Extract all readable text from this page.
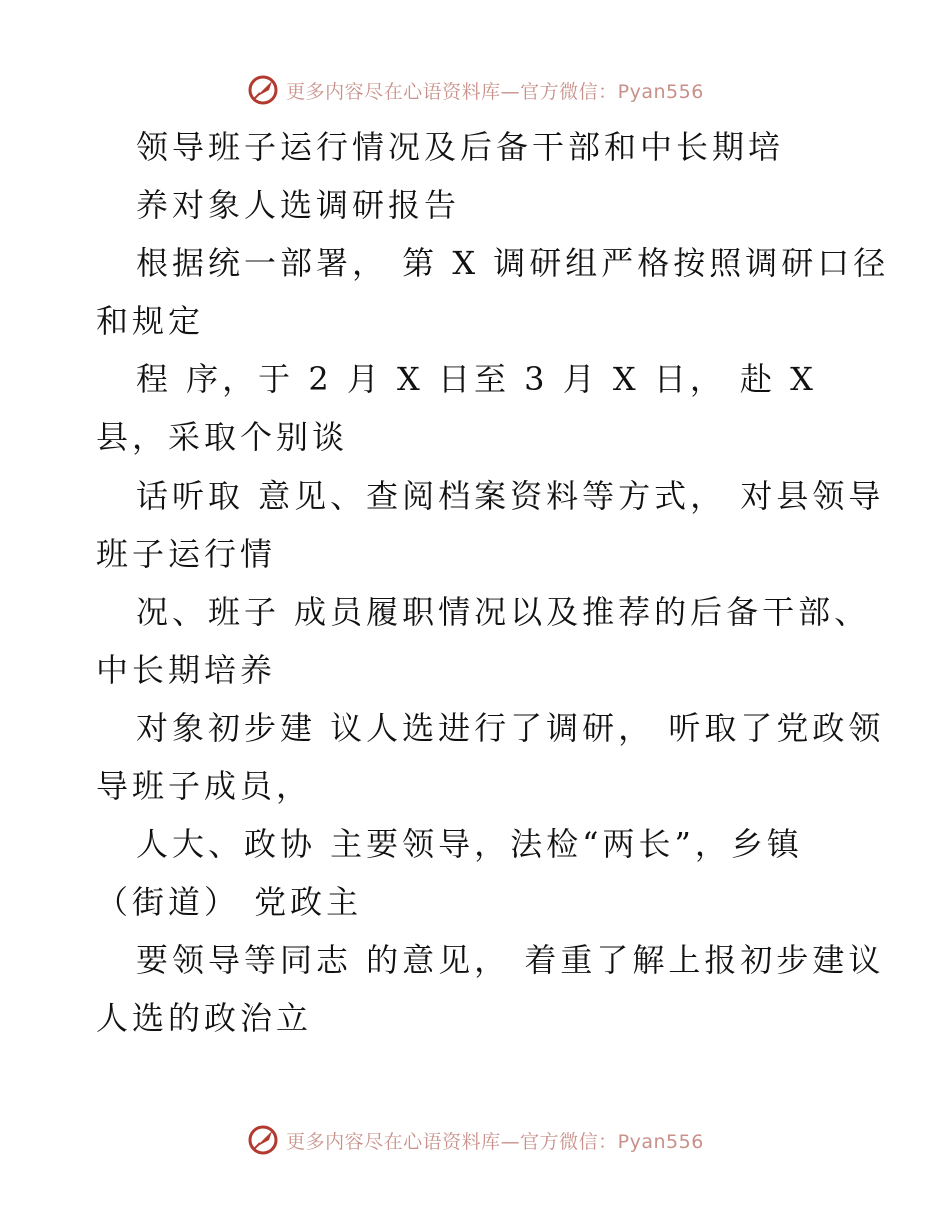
更多内容尽在心语资料库—官方微信：Pyan556
领导班子运行情况及后备干部和中长期培
养对象人选调研报告
根据统一部署， 第 X 调研组严格按照调研口径
和规定
程 序，于 2 月 X 日至 3 月 X 日， 赴 X
县，采取个别谈
话听取 意见、查阅档案资料等方式， 对县领导
班子运行情
况、班子 成员履职情况以及推荐的后备干部、
中长期培养
对象初步建 议人选进行了调研， 听取了党政领
导班子成员，
人大、政协 主要领导，法检“两长”，乡镇
（街道） 党政主
要领导等同志 的意见， 着重了解上报初步建议
人选的政治立
更多内容尽在心语资料库—官方微信：Pyan556
